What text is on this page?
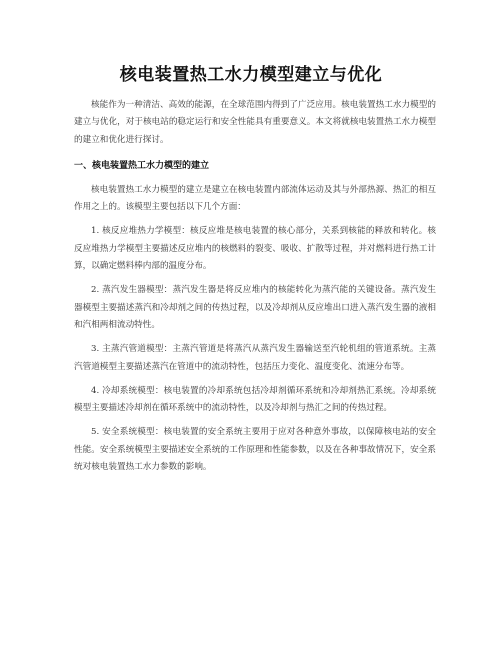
核电装置热工水力模型建立与优化

核能作为一种清洁、高效的能源，在全球范围内得到了广泛应用。核电装置热工水力模型的建立与优化，对于核电站的稳定运行和安全性能具有重要意义。本文将就核电装置热工水力模型的建立和优化进行探讨。

一、核电装置热工水力模型的建立

核电装置热工水力模型的建立是建立在核电装置内部流体运动及其与外部热源、热汇的相互作用之上的。该模型主要包括以下几个方面：

1. 核反应堆热力学模型：核反应堆是核电装置的核心部分，关系到核能的释放和转化。核反应堆热力学模型主要描述反应堆内的核燃料的裂变、吸收、扩散等过程，并对燃料进行热工计算，以确定燃料棒内部的温度分布。

2. 蒸汽发生器模型：蒸汽发生器是将反应堆内的核能转化为蒸汽能的关键设备。蒸汽发生器模型主要描述蒸汽和冷却剂之间的传热过程，以及冷却剂从反应堆出口进入蒸汽发生器的液相和汽相两相流动特性。

3. 主蒸汽管道模型：主蒸汽管道是将蒸汽从蒸汽发生器输送至汽轮机组的管道系统。主蒸汽管道模型主要描述蒸汽在管道中的流动特性，包括压力变化、温度变化、流速分布等。

4. 冷却系统模型：核电装置的冷却系统包括冷却剂循环系统和冷却剂热汇系统。冷却系统模型主要描述冷却剂在循环系统中的流动特性，以及冷却剂与热汇之间的传热过程。

5. 安全系统模型：核电装置的安全系统主要用于应对各种意外事故，以保障核电站的安全性能。安全系统模型主要描述安全系统的工作原理和性能参数，以及在各种事故情况下，安全系统对核电装置热工水力参数的影响。
